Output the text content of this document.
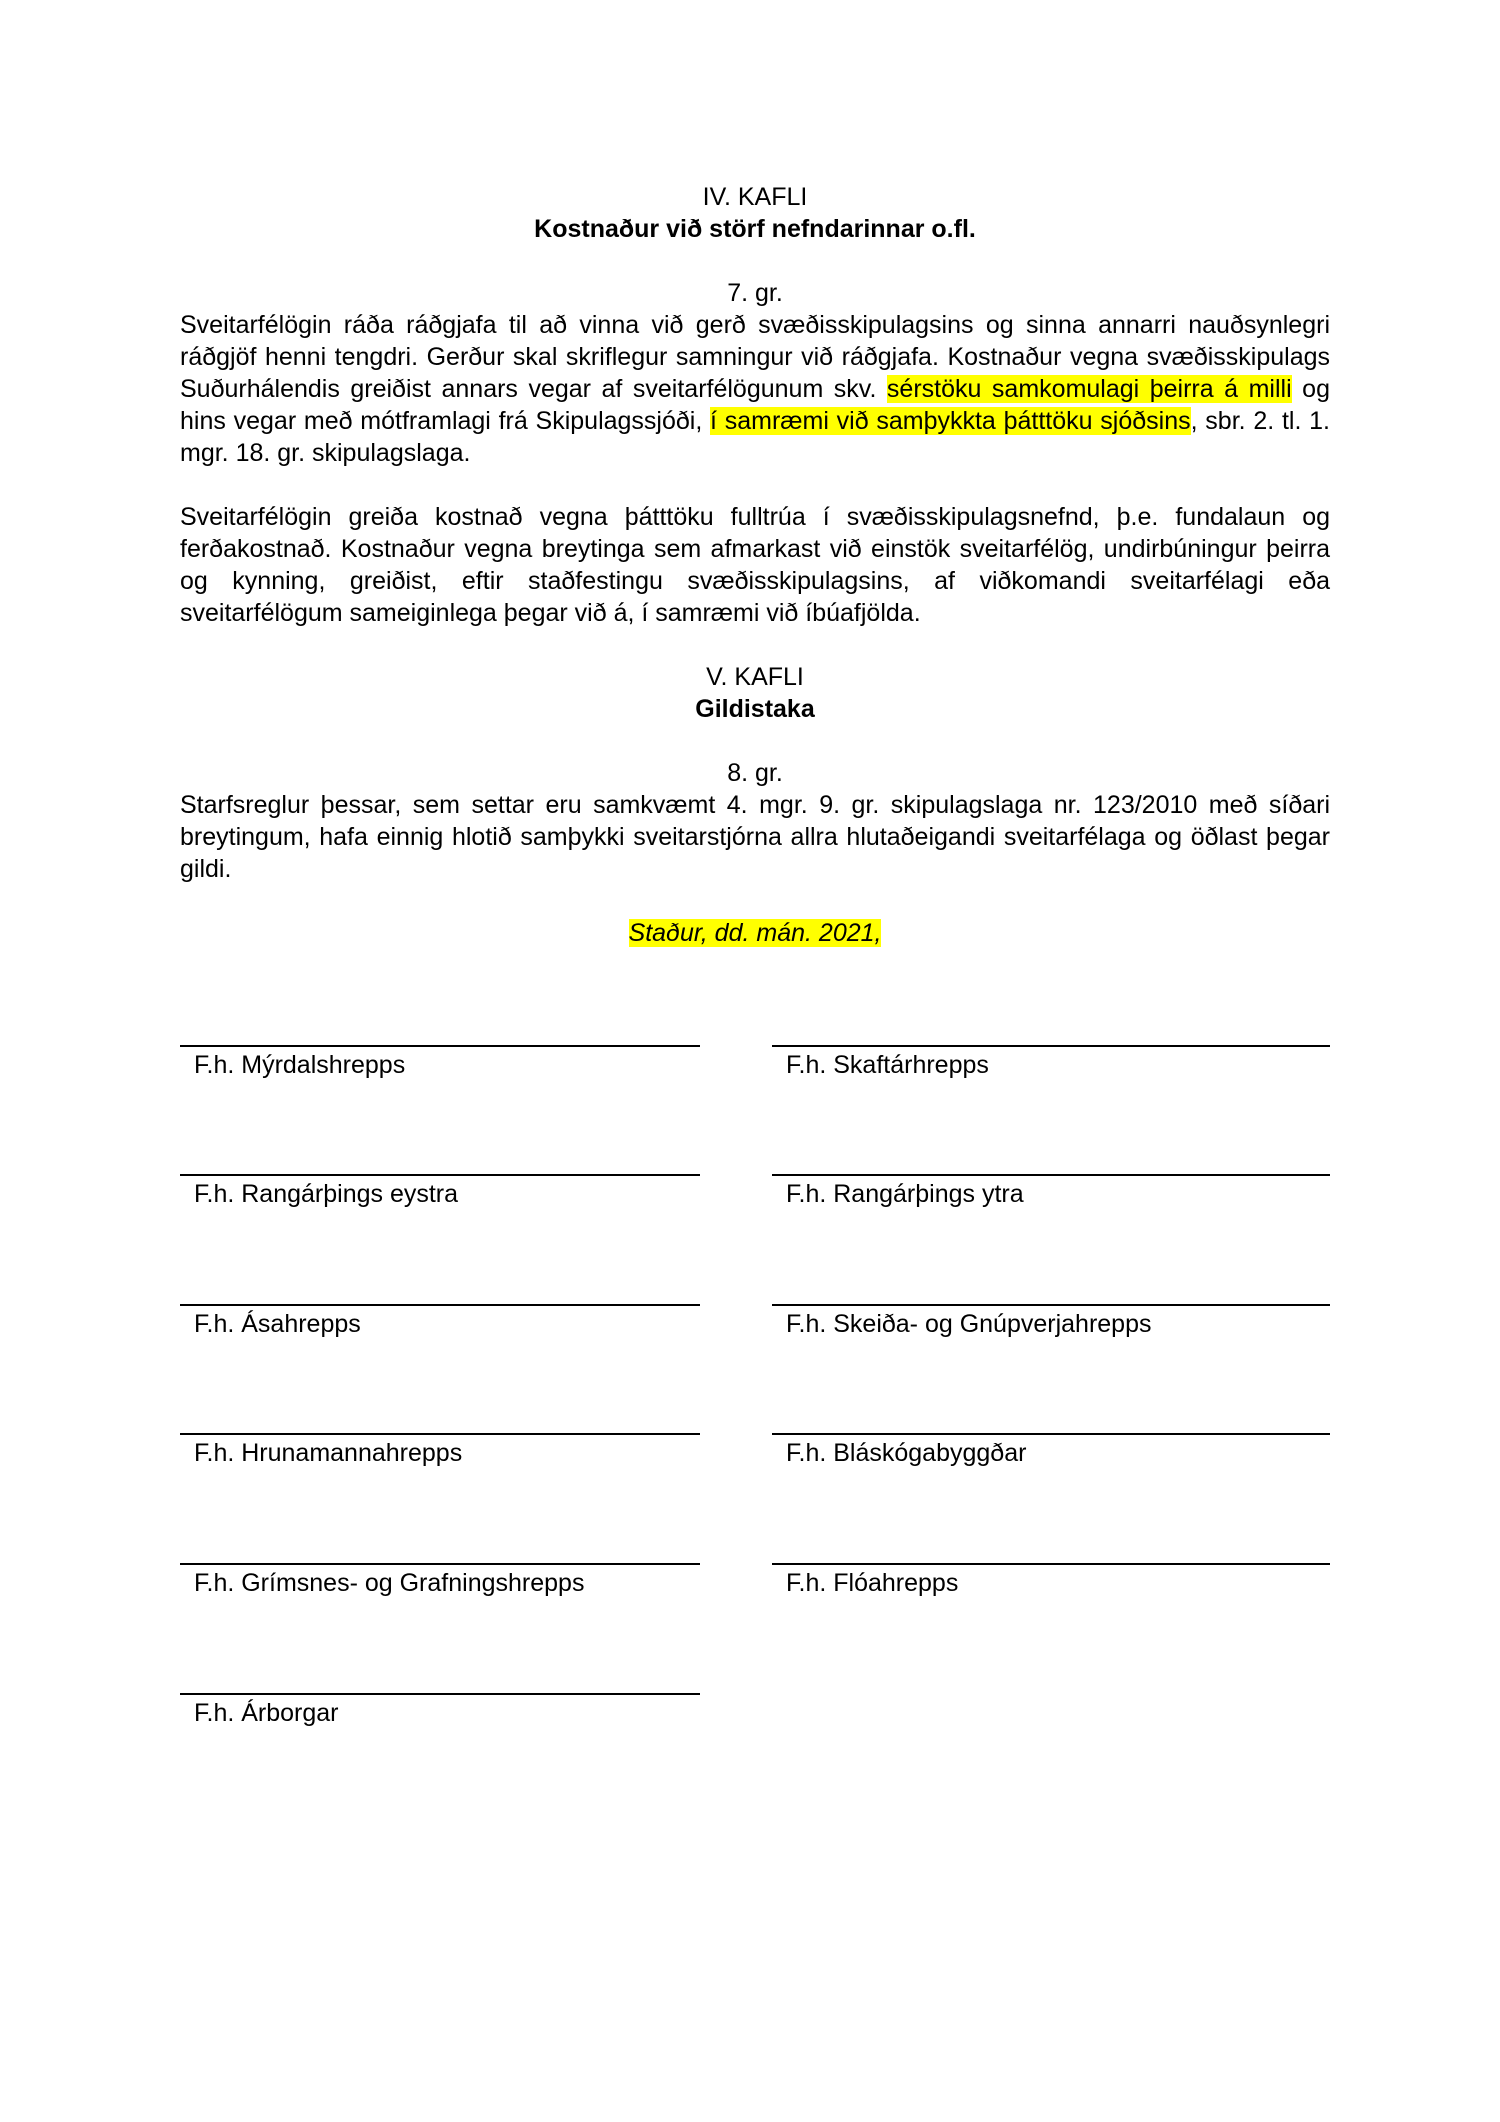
IV. KAFLI
Kostnaður við störf nefndarinnar o.fl.
7. gr.
Sveitarfélögin ráða ráðgjafa til að vinna við gerð svæðisskipulagsins og sinna annarri nauðsynlegri ráðgjöf henni tengdri. Gerður skal skriflegur samningur við ráðgjafa. Kostnaður vegna svæðisskipulags Suðurhálendis greiðist annars vegar af sveitarfélögunum skv. sérstöku samkomulagi þeirra á milli og hins vegar með mótframlagi frá Skipulagssjóði, í samræmi við samþykkta þátttöku sjóðsins, sbr. 2. tl. 1. mgr. 18. gr. skipulagslaga.
Sveitarfélögin greiða kostnað vegna þátttöku fulltrúa í svæðisskipulagsnefnd, þ.e. fundalaun og ferðakostnað. Kostnaður vegna breytinga sem afmarkast við einstök sveitarfélög, undirbúningur þeirra og kynning, greiðist, eftir staðfestingu svæðisskipulagsins, af viðkomandi sveitarfélagi eða sveitarfélögum sameiginlega þegar við á, í samræmi við íbúafjölda.
V. KAFLI
Gildistaka
8. gr.
Starfsreglur þessar, sem settar eru samkvæmt 4. mgr. 9. gr. skipulagslaga nr. 123/2010 með síðari breytingum, hafa einnig hlotið samþykki sveitarstjórna allra hlutaðeigandi sveitarfélaga og öðlast þegar gildi.
Staður, dd. mán. 2021,
F.h. Mýrdalshrepps	F.h. Skaftárhrepps
F.h. Rangárþings eystra	F.h. Rangárþings ytra
F.h. Ásahrepps	F.h. Skeiða- og Gnúpverjahrepps
F.h. Hrunamannahrepps	F.h. Bláskógabyggðar
F.h. Grímsnes- og Grafningshrepps	F.h. Flóahrepps
F.h. Árborgar
